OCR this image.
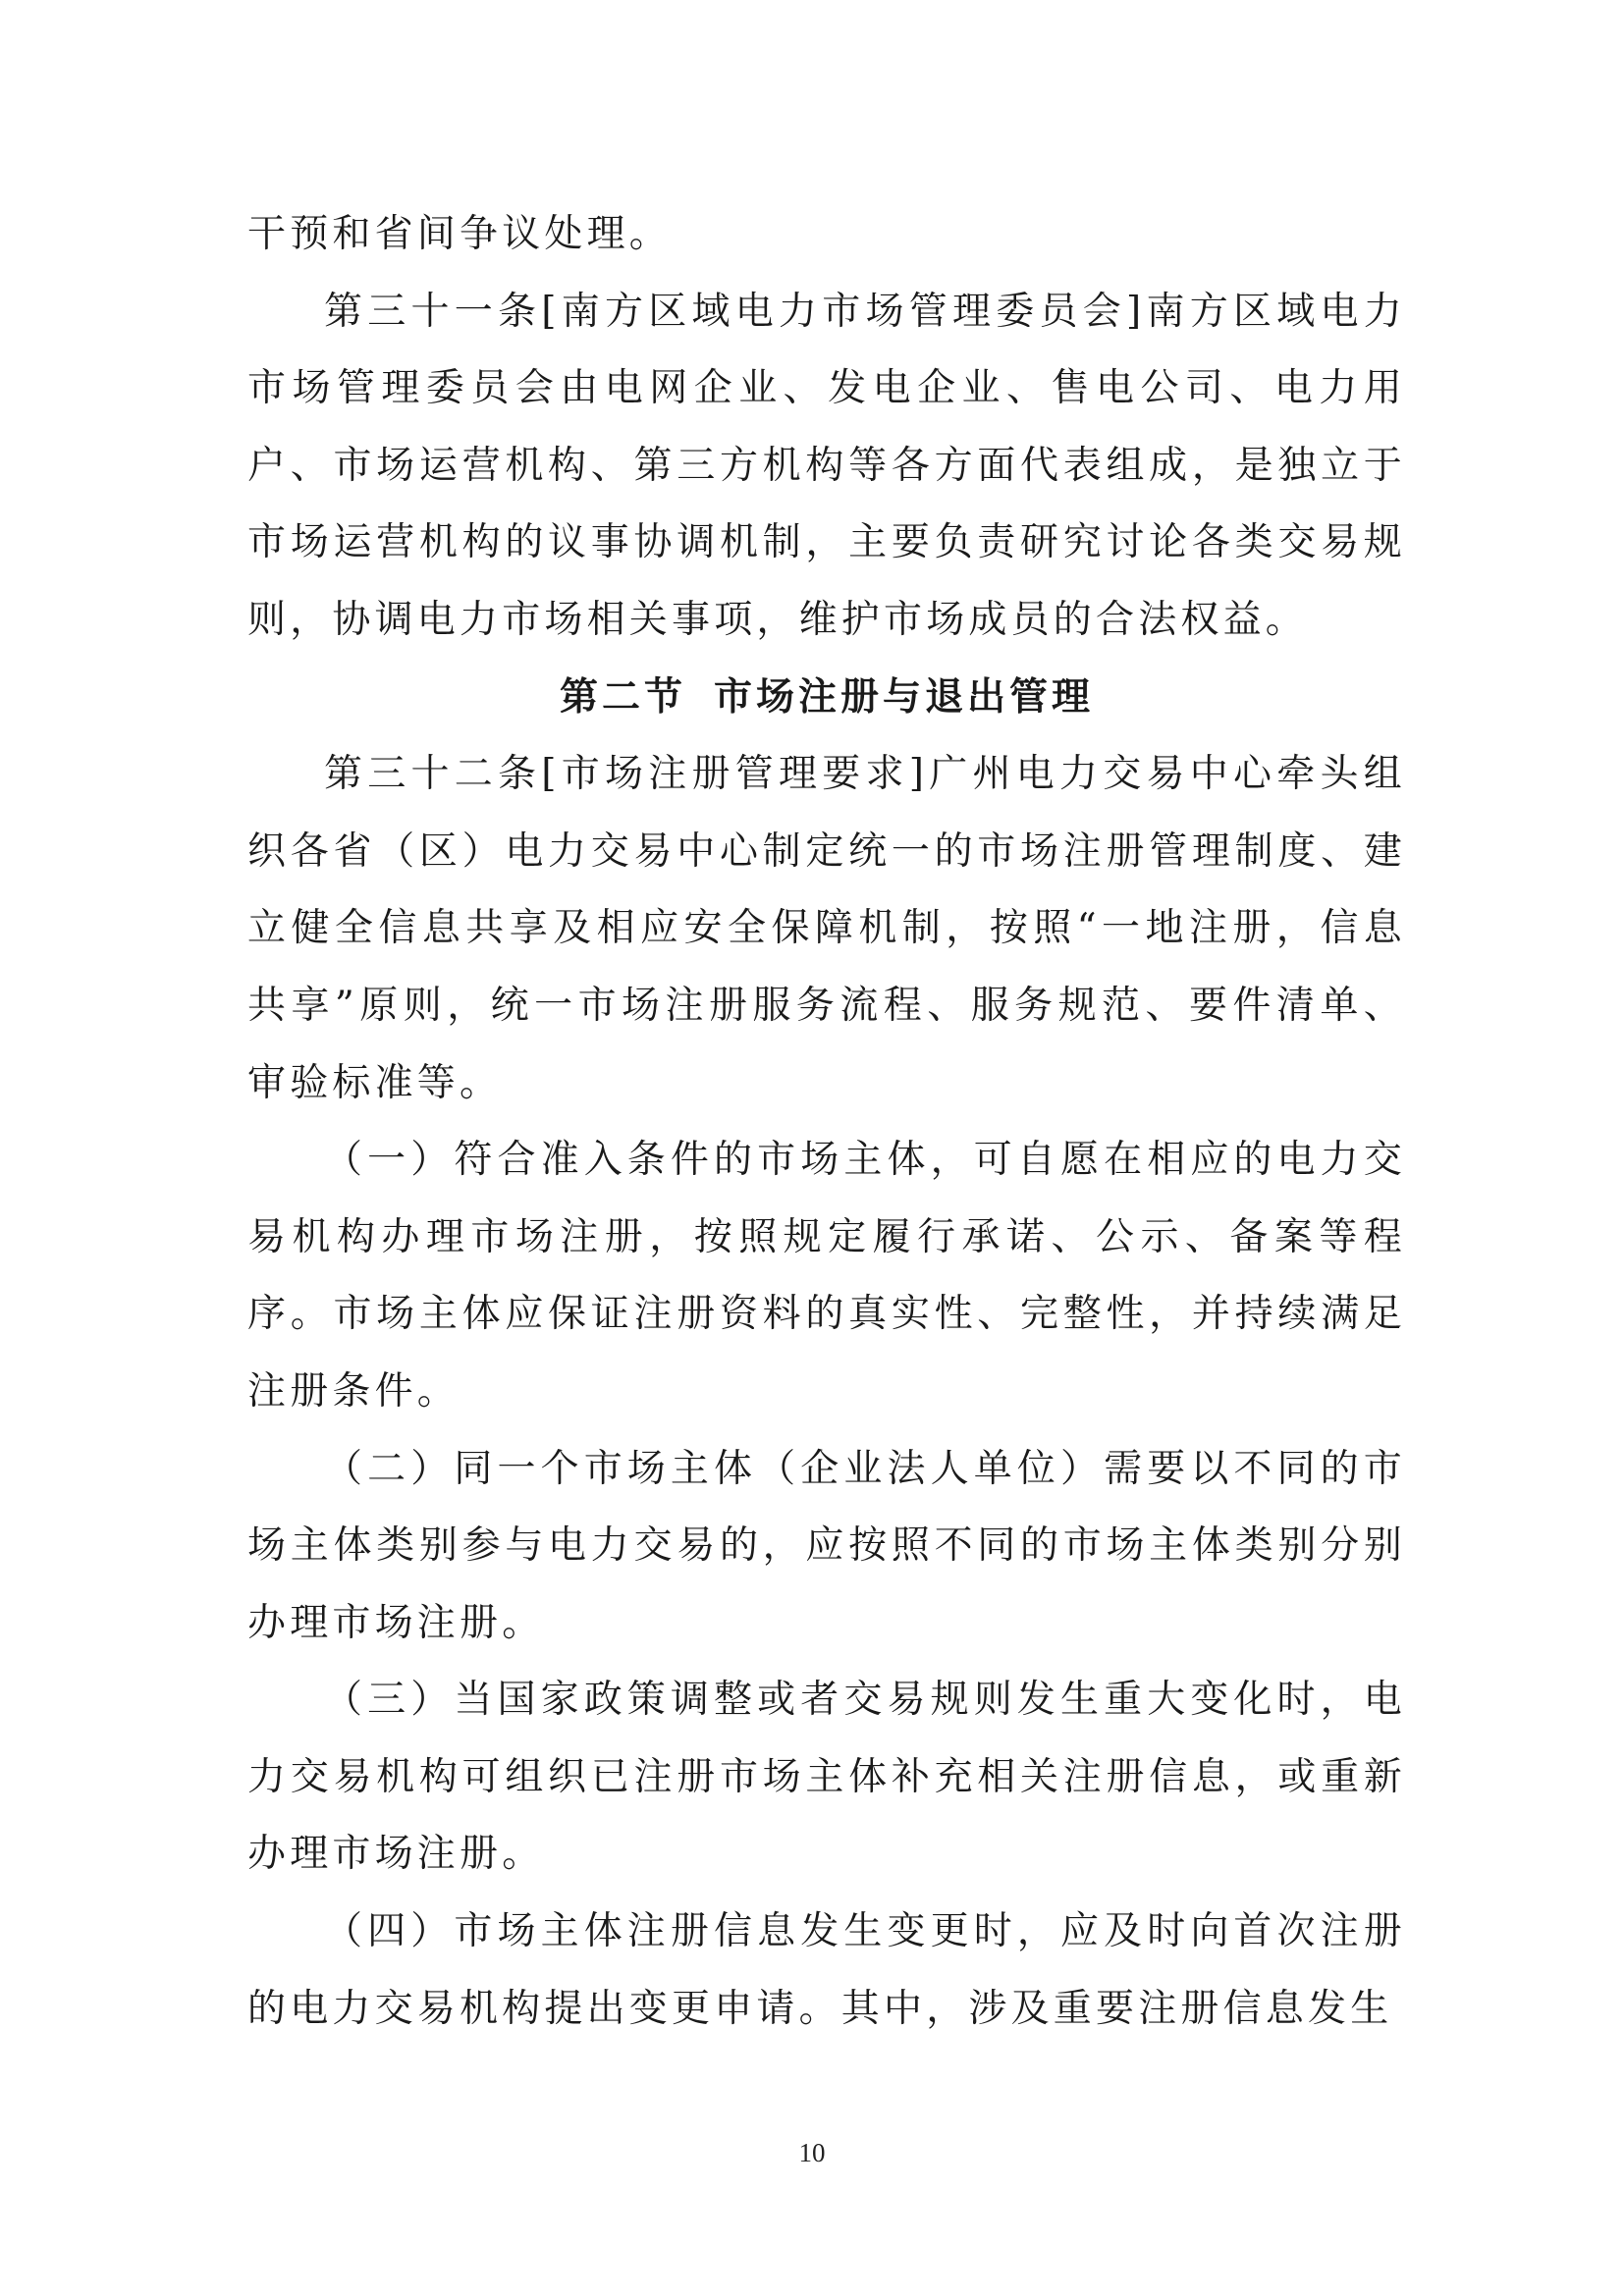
干预和省间争议处理。

第三十一条[南方区域电力市场管理委员会]南方区域电力市场管理委员会由电网企业、发电企业、售电公司、电力用户、市场运营机构、第三方机构等各方面代表组成，是独立于市场运营机构的议事协调机制，主要负责研究讨论各类交易规则，协调电力市场相关事项，维护市场成员的合法权益。

第二节 市场注册与退出管理

第三十二条[市场注册管理要求]广州电力交易中心牵头组织各省（区）电力交易中心制定统一的市场注册管理制度、建立健全信息共享及相应安全保障机制，按照“一地注册，信息共享”原则，统一市场注册服务流程、服务规范、要件清单、审验标准等。

（一）符合准入条件的市场主体，可自愿在相应的电力交易机构办理市场注册，按照规定履行承诺、公示、备案等程序。市场主体应保证注册资料的真实性、完整性，并持续满足注册条件。

（二）同一个市场主体（企业法人单位）需要以不同的市场主体类别参与电力交易的，应按照不同的市场主体类别分别办理市场注册。

（三）当国家政策调整或者交易规则发生重大变化时，电力交易机构可组织已注册市场主体补充相关注册信息，或重新办理市场注册。

（四）市场主体注册信息发生变更时，应及时向首次注册的电力交易机构提出变更申请。其中，涉及重要注册信息发生

10
